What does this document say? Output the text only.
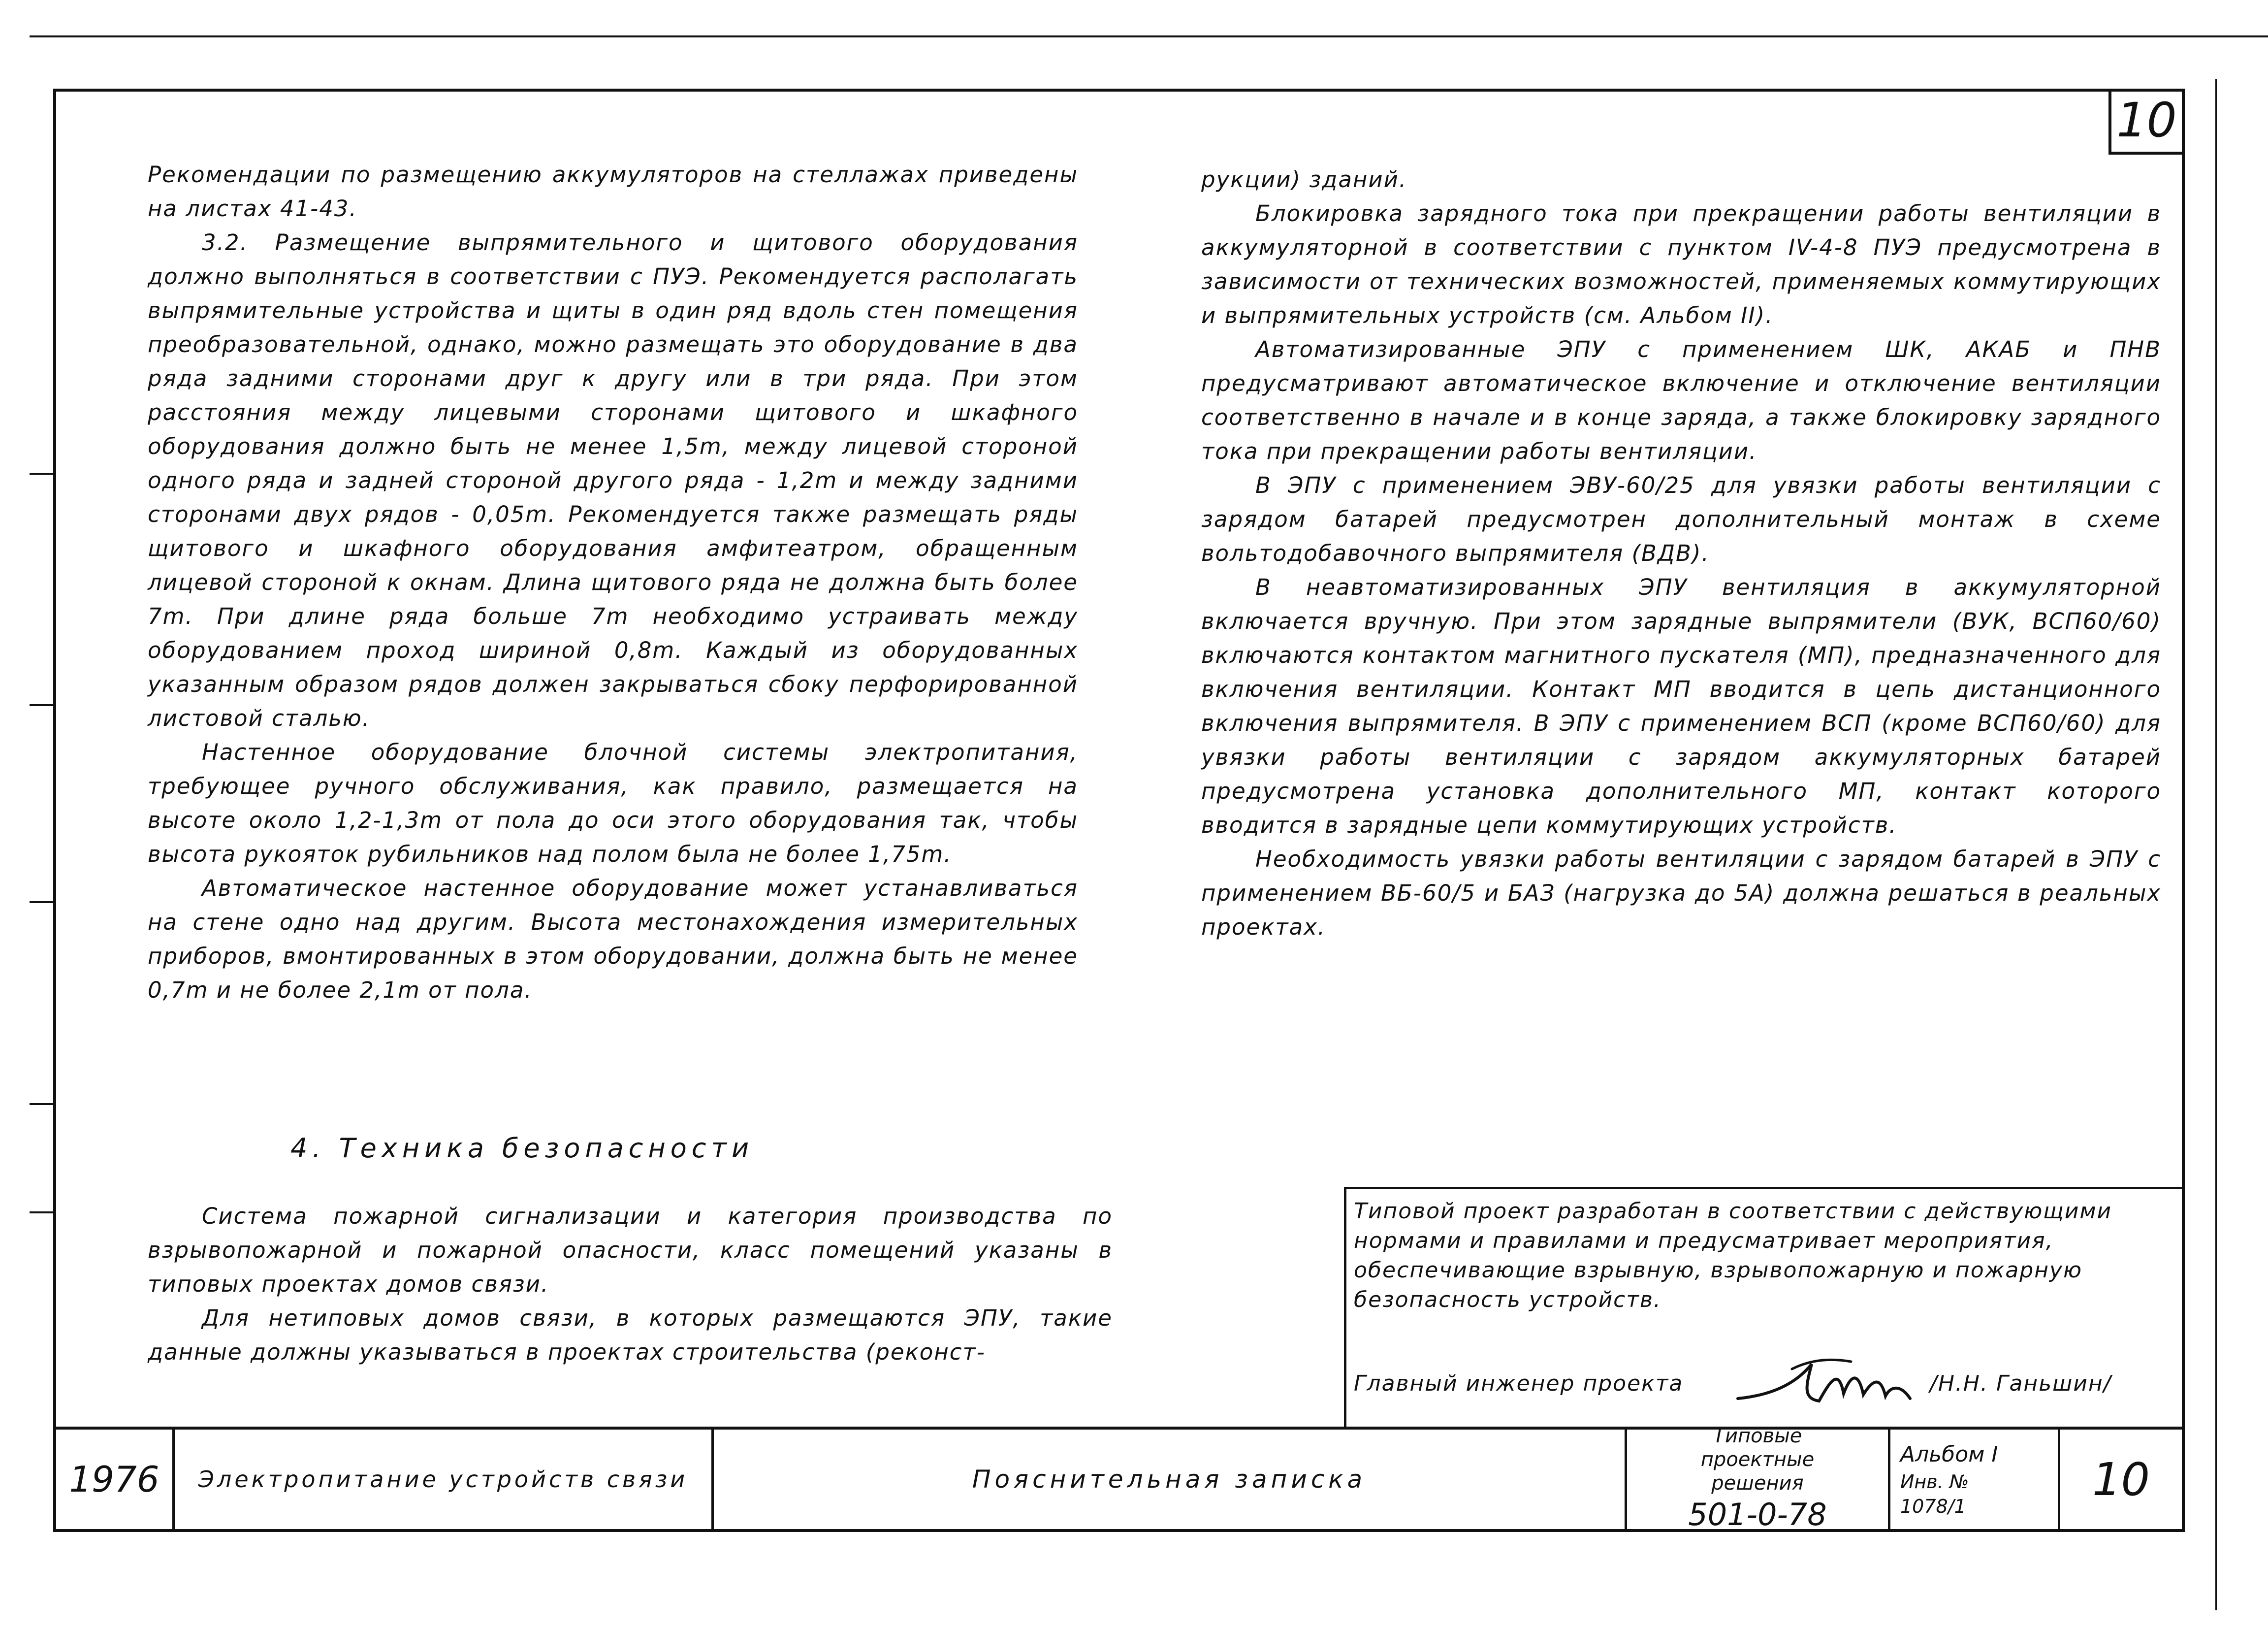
10

Рекомендации по размещению аккумуляторов на стеллажах приведены на листах 41-43.

3.2. Размещение выпрямительного и щитового оборудования должно выполняться в соответствии с ПУЭ. Рекомендуется располагать выпрямительные устройства и щиты в один ряд вдоль стен помещения преобразовательной, однако, можно размещать это оборудование в два ряда задними сторонами друг к другу или в три ряда. При этом расстояния между лицевыми сторонами щитового и шкафного оборудования должно быть не менее 1,5m, между лицевой стороной одного ряда и задней стороной другого ряда - 1,2m и между задними сторонами двух рядов - 0,05m. Рекомендуется также размещать ряды щитового и шкафного оборудования амфитеатром, обращенным лицевой стороной к окнам. Длина щитового ряда не должна быть более 7m. При длине ряда больше 7m необходимо устраивать между оборудованием проход шириной 0,8m. Каждый из оборудованных указанным образом рядов должен закрываться сбоку перфорированной листовой сталью.

Настенное оборудование блочной системы электропитания, требующее ручного обслуживания, как правило, размещается на высоте около 1,2-1,3m от пола до оси этого оборудования так, чтобы высота рукояток рубильников над полом была не более 1,75m.

Автоматическое настенное оборудование может устанавливаться на стене одно над другим. Высота местонахождения измерительных приборов, вмонтированных в этом оборудовании, должна быть не менее 0,7m и не более 2,1m от пола.

4. Техника безопасности

Система пожарной сигнализации и категория производства по взрывопожарной и пожарной опасности, класс помещений указаны в типовых проектах домов связи.

Для нетиповых домов связи, в которых размещаются ЭПУ, такие данные должны указываться в проектах строительства (реконст-

рукции) зданий.

Блокировка зарядного тока при прекращении работы вентиляции в аккумуляторной в соответствии с пунктом IV-4-8 ПУЭ предусмотрена в зависимости от технических возможностей, применяемых коммутирующих и выпрямительных устройств (см. Альбом II).

Автоматизированные ЭПУ с применением ШК, АКАБ и ПНВ предусматривают автоматическое включение и отключение вентиляции соответственно в начале и в конце заряда, а также блокировку зарядного тока при прекращении работы вентиляции.

В ЭПУ с применением ЭВУ-60/25 для увязки работы вентиляции с зарядом батарей предусмотрен дополнительный монтаж в схеме вольтодобавочного выпрямителя (ВДВ).

В неавтоматизированных ЭПУ вентиляция в аккумуляторной включается вручную. При этом зарядные выпрямители (ВУК, ВСП60/60) включаются контактом магнитного пускателя (МП), предназначенного для включения вентиляции. Контакт МП вводится в цепь дистанционного включения выпрямителя. В ЭПУ с применением ВСП (кроме ВСП60/60) для увязки работы вентиляции с зарядом аккумуляторных батарей предусмотрена установка дополнительного МП, контакт которого вводится в зарядные цепи коммутирующих устройств.

Необходимость увязки работы вентиляции с зарядом батарей в ЭПУ с применением ВБ-60/5 и БАЗ (нагрузка до 5А) должна решаться в реальных проектах.

Типовой проект разработан в соответствии с действующими нормами и правилами и предусматривает мероприятия, обеспечивающие взрывную, взрывопожарную и пожарную безопасность устройств.
Главный инженер проекта	/Н.Н. Ганьшин/
1976	Электропитание устройств связи	Пояснительная записка
Типовые проектные решения
501-0-78
Альбом I
Инв. № 1078/1
10
